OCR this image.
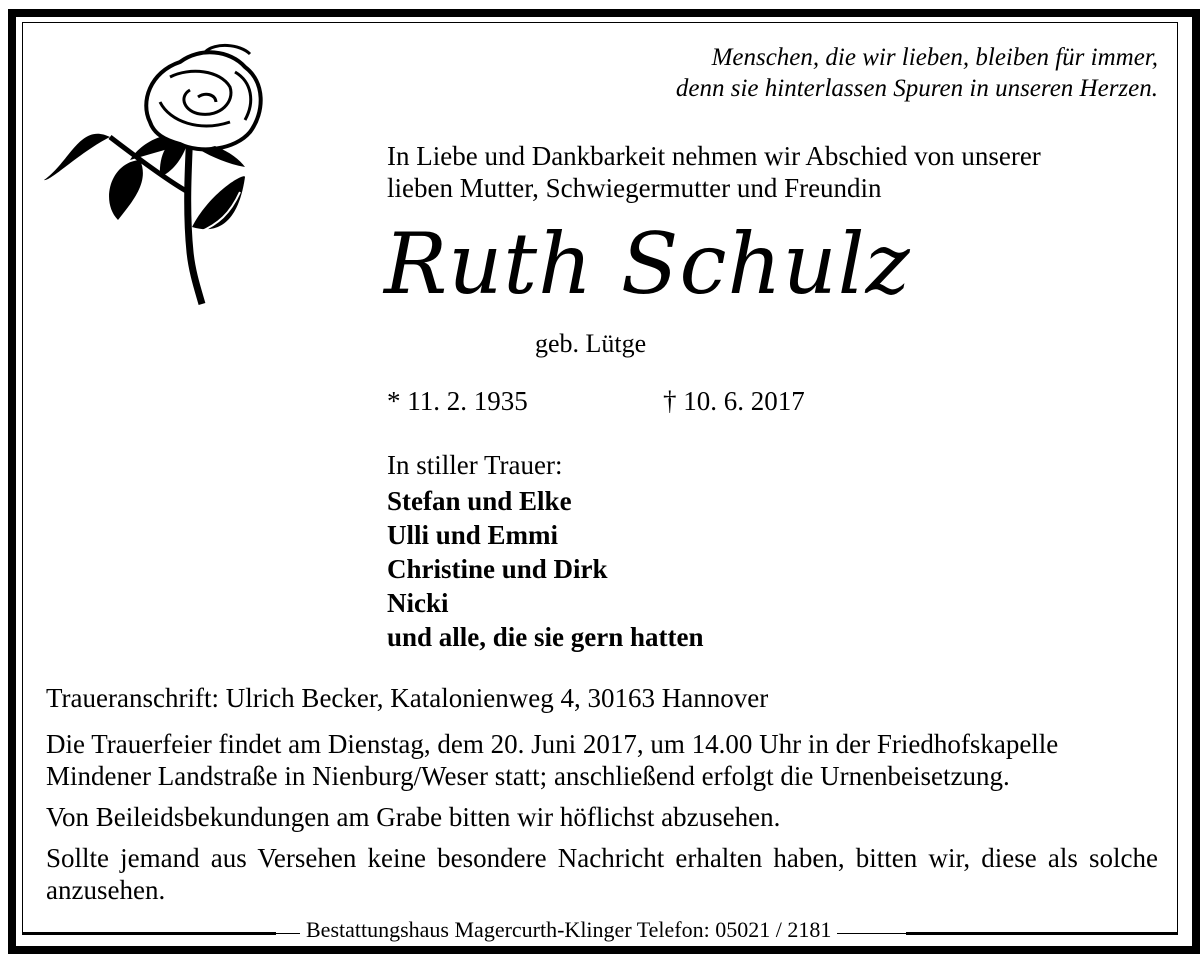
Menschen, die wir lieben, bleiben für immer,
denn sie hinterlassen Spuren in unseren Herzen.
In Liebe und Dankbarkeit nehmen wir Abschied von unserer
lieben Mutter, Schwiegermutter und Freundin
Ruth Schulz
geb. Lütge
* 11. 2. 1935	† 10. 6. 2017
In stiller Trauer:
Stefan und Elke
Ulli und Emmi
Christine und Dirk
Nicki
und alle, die sie gern hatten
Traueranschrift: Ulrich Becker, Katalonienweg 4, 30163 Hannover
Die Trauerfeier findet am Dienstag, dem 20. Juni 2017, um 14.00 Uhr in der Friedhofskapelle Mindener Landstraße in Nienburg/Weser statt; anschließend erfolgt die Urnenbeisetzung.
Von Beileidsbekundungen am Grabe bitten wir höflichst abzusehen.
Sollte jemand aus Versehen keine besondere Nachricht erhalten haben, bitten wir, diese als solche anzusehen.
Bestattungshaus Magercurth-Klinger Telefon: 05021 / 2181
